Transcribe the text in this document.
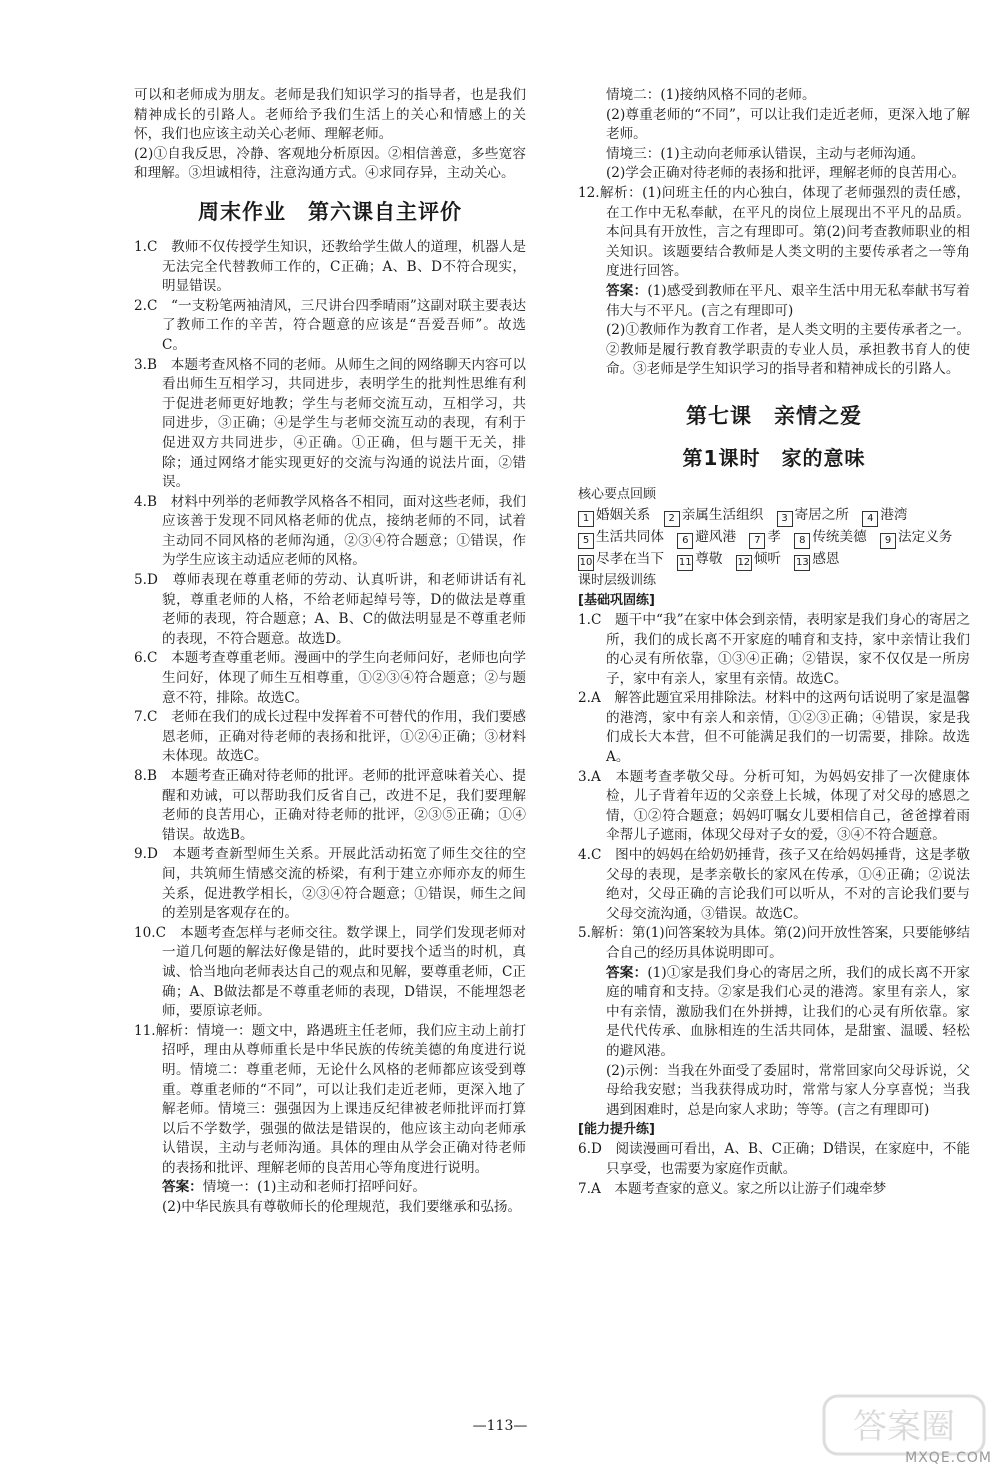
可以和老师成为朋友。老师是我们知识学习的指导者，也是我们精神成长的引路人。老师给予我们生活上的关心和情感上的关怀，我们也应该主动关心老师、理解老师。

(2)①自我反思，冷静、客观地分析原因。②相信善意，多些宽容和理解。③坦诚相待，注意沟通方式。④求同存异，主动关心。

周末作业　第六课自主评价

1.C　教师不仅传授学生知识，还教给学生做人的道理，机器人是无法完全代替教师工作的，C正确；A、B、D不符合现实，明显错误。

2.C　“一支粉笔两袖清风，三尺讲台四季晴雨”这副对联主要表达了教师工作的辛苦，符合题意的应该是“吾爱吾师”。故选C。

3.B　本题考查风格不同的老师。从师生之间的网络聊天内容可以看出师生互相学习，共同进步，表明学生的批判性思维有利于促进老师更好地教；学生与老师交流互动，互相学习，共同进步，③正确；④是学生与老师交流互动的表现，有利于促进双方共同进步，④正确。①正确，但与题干无关，排除；通过网络才能实现更好的交流与沟通的说法片面，②错误。

4.B　材料中列举的老师教学风格各不相同，面对这些老师，我们应该善于发现不同风格老师的优点，接纳老师的不同，试着主动同不同风格的老师沟通，②③④符合题意；①错误，作为学生应该主动适应老师的风格。

5.D　尊师表现在尊重老师的劳动、认真听讲，和老师讲话有礼貌，尊重老师的人格，不给老师起绰号等，D的做法是尊重老师的表现，符合题意；A、B、C的做法明显是不尊重老师的表现，不符合题意。故选D。

6.C　本题考查尊重老师。漫画中的学生向老师问好，老师也向学生问好，体现了师生互相尊重，①②③④符合题意；②与题意不符，排除。故选C。

7.C　老师在我们的成长过程中发挥着不可替代的作用，我们要感恩老师，正确对待老师的表扬和批评，①②④正确；③材料未体现。故选C。

8.B　本题考查正确对待老师的批评。老师的批评意味着关心、提醒和劝诫，可以帮助我们反省自己，改进不足，我们要理解老师的良苦用心，正确对待老师的批评，②③⑤正确；①④错误。故选B。

9.D　本题考查新型师生关系。开展此活动拓宽了师生交往的空间，共筑师生情感交流的桥梁，有利于建立亦师亦友的师生关系，促进教学相长，②③④符合题意；①错误，师生之间的差别是客观存在的。

10.C　本题考查怎样与老师交往。数学课上，同学们发现老师对一道几何题的解法好像是错的，此时要找个适当的时机，真诚、恰当地向老师表达自己的观点和见解，要尊重老师，C正确；A、B做法都是不尊重老师的表现，D错误，不能埋怨老师，要原谅老师。

11.解析：情境一：题文中，路遇班主任老师，我们应主动上前打招呼，理由从尊师重长是中华民族的传统美德的角度进行说明。情境二：尊重老师，无论什么风格的老师都应该受到尊重。尊重老师的“不同”，可以让我们走近老师，更深入地了解老师。情境三：强强因为上课违反纪律被老师批评而打算以后不学数学，强强的做法是错误的，他应该主动向老师承认错误，主动与老师沟通。具体的理由从学会正确对待老师的表扬和批评、理解老师的良苦用心等角度进行说明。

答案：情境一：(1)主动和老师打招呼问好。

(2)中华民族具有尊敬师长的伦理规范，我们要继承和弘扬。

情境二：(1)接纳风格不同的老师。

(2)尊重老师的“不同”，可以让我们走近老师，更深入地了解老师。

情境三：(1)主动向老师承认错误，主动与老师沟通。

(2)学会正确对待老师的表扬和批评，理解老师的良苦用心。

12.解析：(1)问班主任的内心独白，体现了老师强烈的责任感，在工作中无私奉献，在平凡的岗位上展现出不平凡的品质。本问具有开放性，言之有理即可。第(2)问考查教师职业的相关知识。该题要结合教师是人类文明的主要传承者之一等角度进行回答。

答案：(1)感受到教师在平凡、艰辛生活中用无私奉献书写着伟大与不平凡。(言之有理即可)

(2)①教师作为教育工作者，是人类文明的主要传承者之一。②教师是履行教育教学职责的专业人员，承担教书育人的使命。③老师是学生知识学习的指导者和精神成长的引路人。

第七课　亲情之爱
第1课时　家的意味
核心要点回顾
1 婚姻关系 2 亲属生活组织 3 寄居之所 4 港湾 5 生活共同体 6 避风港 7 孝 8 传统美德 9 法定义务 10 尽孝在当下 11 尊敬 12 倾听 13 感恩
课时层级训练
[基础巩固练]

1.C　题干中“我”在家中体会到亲情，表明家是我们身心的寄居之所，我们的成长离不开家庭的哺育和支持，家中亲情让我们的心灵有所依靠，①③④正确；②错误，家不仅仅是一所房子，家中有亲人，家里有亲情。故选C。

2.A　解答此题宜采用排除法。材料中的这两句话说明了家是温馨的港湾，家中有亲人和亲情，①②③正确；④错误，家是我们成长大本营，但不可能满足我们的一切需要，排除。故选A。

3.A　本题考查孝敬父母。分析可知，为妈妈安排了一次健康体检，儿子背着年迈的父亲登上长城，体现了对父母的感恩之情，①②符合题意；妈妈叮嘱女儿要相信自己，爸爸撑着雨伞帮儿子遮雨，体现父母对子女的爱，③④不符合题意。

4.C　图中的妈妈在给奶奶捶背，孩子又在给妈妈捶背，这是孝敬父母的表现，是孝亲敬长的家风在传承，①④正确；②说法绝对，父母正确的言论我们可以听从，不对的言论我们要与父母交流沟通，③错误。故选C。

5.解析：第(1)问答案较为具体。第(2)问开放性答案，只要能够结合自己的经历具体说明即可。

答案：(1)①家是我们身心的寄居之所，我们的成长离不开家庭的哺育和支持。②家是我们心灵的港湾。家里有亲人，家中有亲情，激励我们在外拼搏，让我们的心灵有所依靠。家是代代传承、血脉相连的生活共同体，是甜蜜、温暖、轻松的避风港。

(2)示例：当我在外面受了委屈时，常常回家向父母诉说，父母给我安慰；当我获得成功时，常常与家人分享喜悦；当我遇到困难时，总是向家人求助；等等。(言之有理即可)

[能力提升练]

6.D　阅读漫画可看出，A、B、C正确；D错误，在家庭中，不能只享受，也需要为家庭作贡献。

7.A　本题考查家的意义。家之所以让游子们魂牵梦

—113—	答案圈
MXQE.COM
